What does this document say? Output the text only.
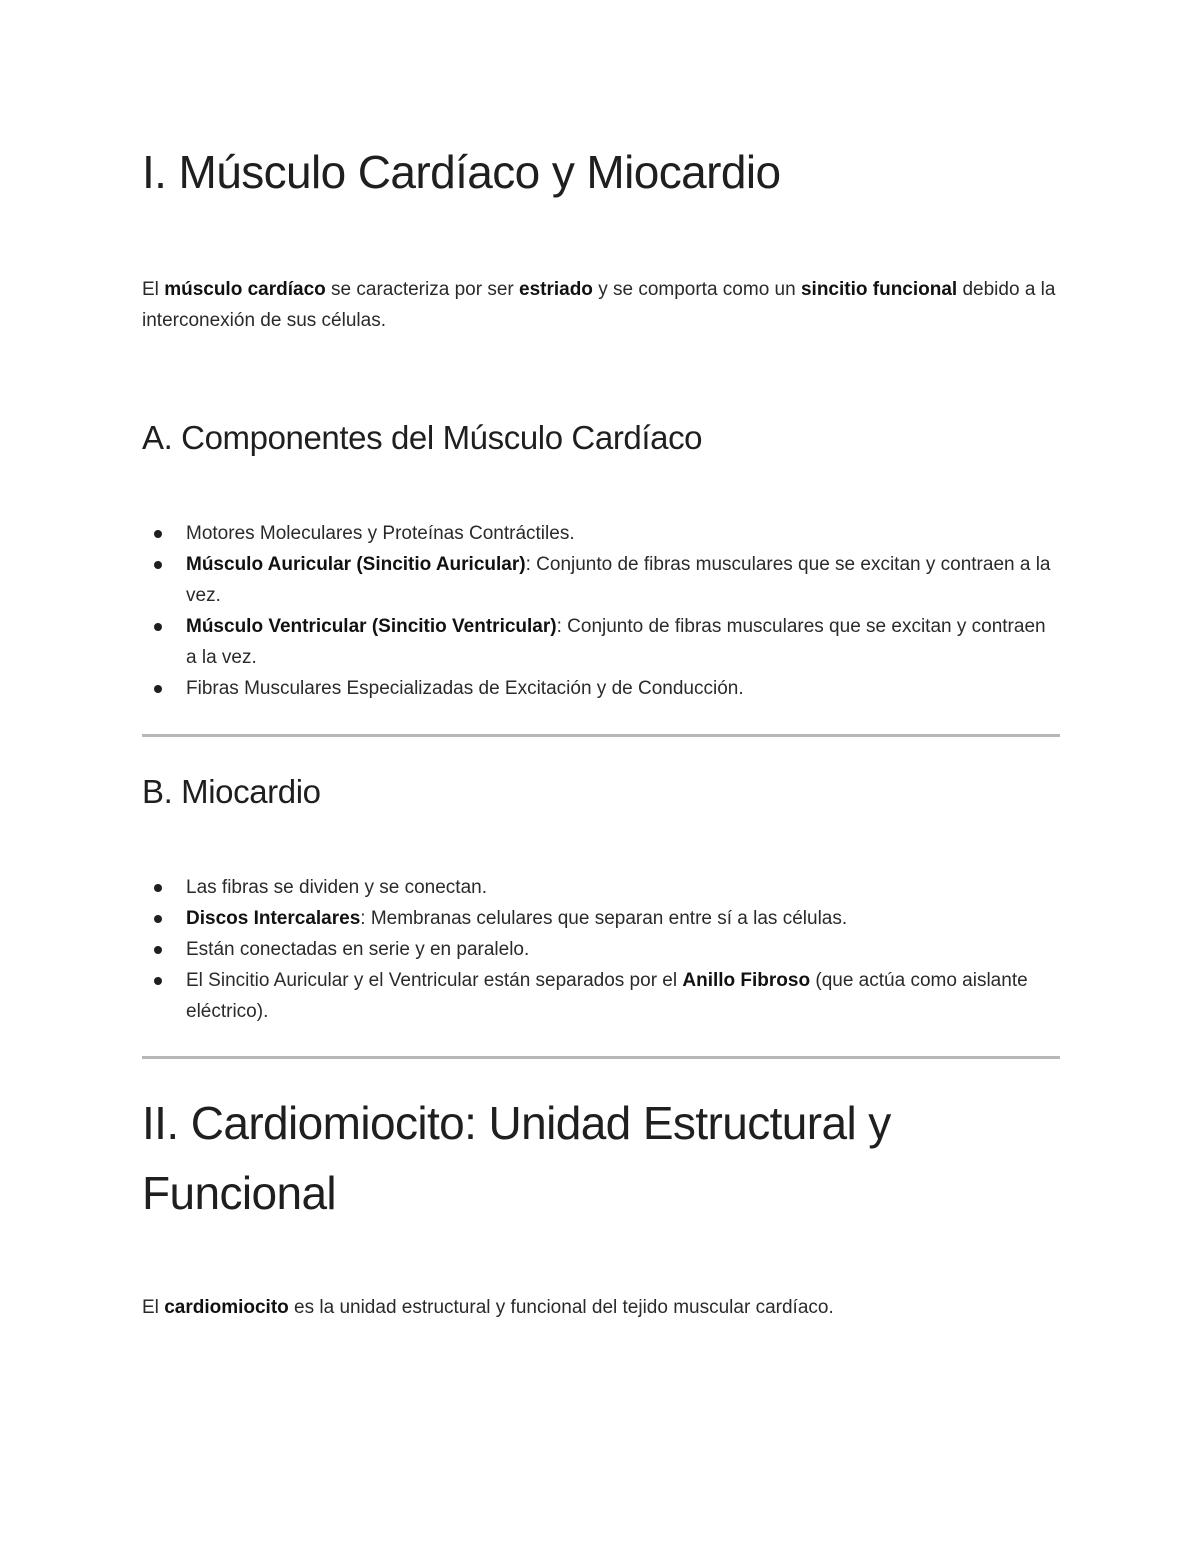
I. Músculo Cardíaco y Miocardio

El músculo cardíaco se caracteriza por ser estriado y se comporta como un sincitio funcional debido a la interconexión de sus células.

A. Componentes del Músculo Cardíaco
Motores Moleculares y Proteínas Contráctiles.
Músculo Auricular (Sincitio Auricular): Conjunto de fibras musculares que se excitan y contraen a la vez.
Músculo Ventricular (Sincitio Ventricular): Conjunto de fibras musculares que se excitan y contraen a la vez.
Fibras Musculares Especializadas de Excitación y de Conducción.
B. Miocardio
Las fibras se dividen y se conectan.
Discos Intercalares: Membranas celulares que separan entre sí a las células.
Están conectadas en serie y en paralelo.
El Sincitio Auricular y el Ventricular están separados por el Anillo Fibroso (que actúa como aislante eléctrico).
II. Cardiomiocito: Unidad Estructural y
Funcional

El cardiomiocito es la unidad estructural y funcional del tejido muscular cardíaco.
